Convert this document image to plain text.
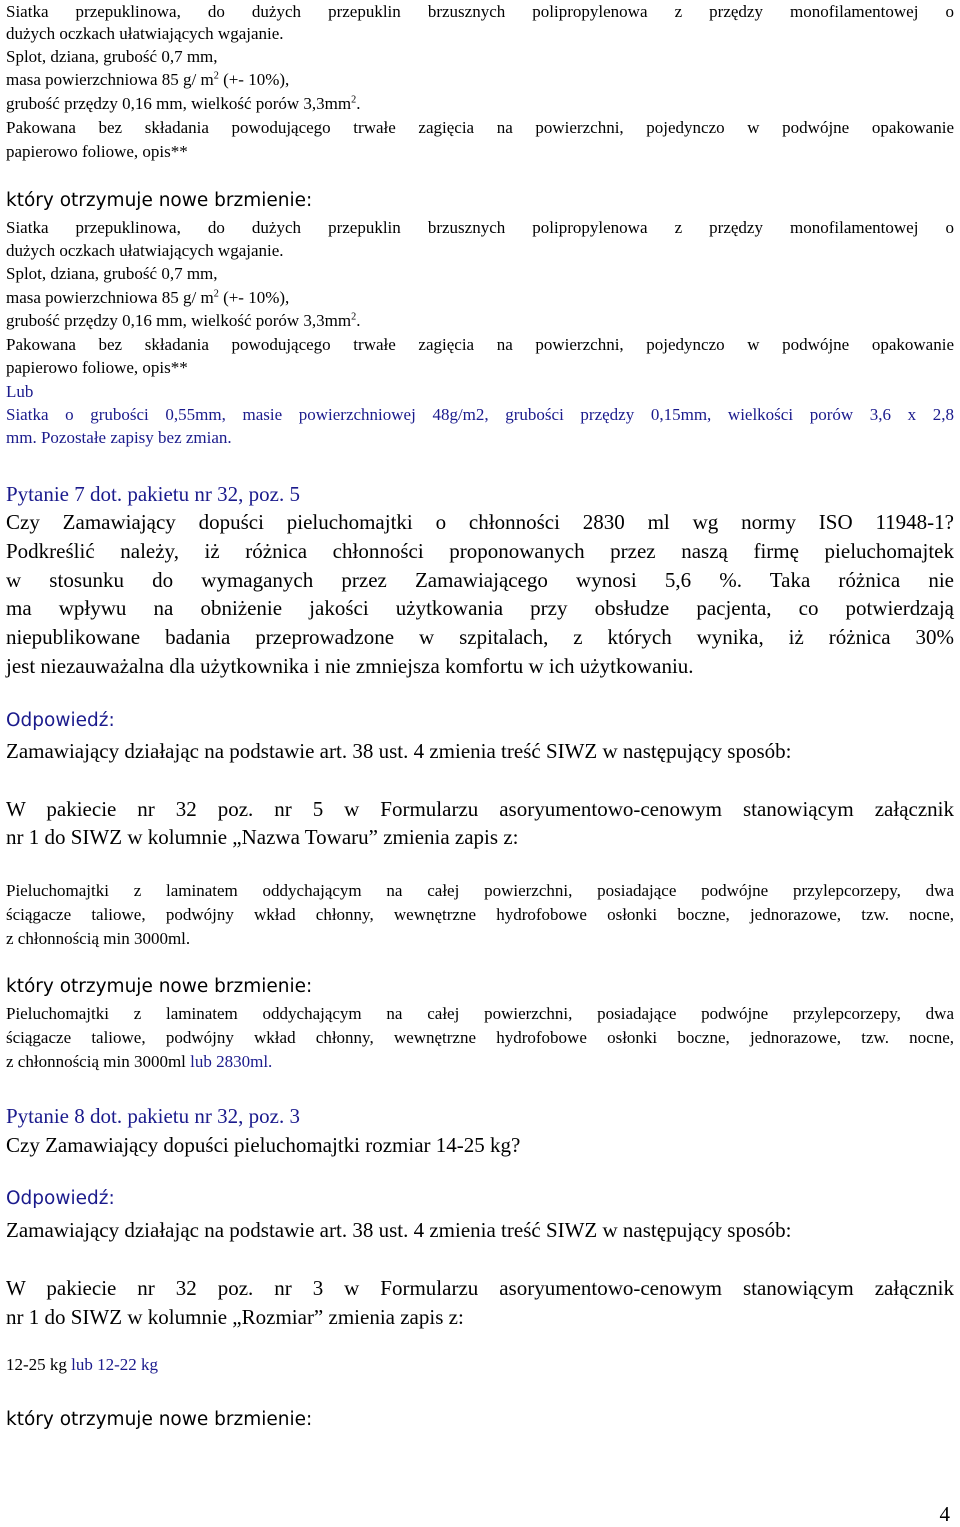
Siatka przepuklinowa, do dużych przepuklin brzusznych polipropylenowa z przędzy monofilamentowej o

dużych oczkach ułatwiających wgajanie.

Splot, dziana, grubość 0,7 mm,

masa powierzchniowa 85 g/ $m^2$ (+- 10%),

grubość przędzy 0,16 mm, wielkość porów $3,3mm^2$.

Pakowana bez składania powodującego trwałe zagięcia na powierzchni, pojedynczo w podwójne opakowanie

papierowo foliowe, opis**

który otrzymuje nowe brzmienie:

Siatka przepuklinowa, do dużych przepuklin brzusznych polipropylenowa z przędzy monofilamentowej o

dużych oczkach ułatwiających wgajanie.

Splot, dziana, grubość 0,7 mm,

masa powierzchniowa 85 g/ $m^2$ (+- 10%),

grubość przędzy 0,16 mm, wielkość porów $3,3mm^2$.

Pakowana bez składania powodującego trwałe zagięcia na powierzchni, pojedynczo w podwójne opakowanie

papierowo foliowe, opis**

Lub

Siatka o grubości 0,55mm, masie powierzchniowej 48g/m2, grubości przędzy 0,15mm, wielkości porów 3,6 x 2,8

mm. Pozostałe zapisy bez zmian.

Pytanie 7 dot. pakietu nr 32, poz. 5

Czy Zamawiający dopuści pieluchomajtki o chłonności 2830 ml wg normy ISO 11948-1?

Podkreślić należy, iż różnica chłonności proponowanych przez naszą firmę pieluchomajtek

w stosunku do wymaganych przez Zamawiającego wynosi 5,6 %. Taka różnica nie

ma wpływu na obniżenie jakości użytkowania przy obsłudze pacjenta, co potwierdzają

niepublikowane badania przeprowadzone w szpitalach, z których wynika, iż różnica 30%

jest niezauważalna dla użytkownika i nie zmniejsza komfortu w ich użytkowaniu.

Odpowiedź:

Zamawiający działając na podstawie art. 38 ust. 4 zmienia treść SIWZ w następujący sposób:

W pakiecie nr 32 poz. nr 5 w Formularzu asoryumentowo-cenowym stanowiącym załącznik

nr 1 do SIWZ w kolumnie „Nazwa Towaru” zmienia zapis z:

Pieluchomajtki z laminatem oddychającym na całej powierzchni, posiadające podwójne przylepcorzepy, dwa

ściągacze taliowe, podwójny wkład chłonny, wewnętrzne hydrofobowe osłonki boczne, jednorazowe, tzw. nocne,

z chłonnością min 3000ml.

który otrzymuje nowe brzmienie:

Pieluchomajtki z laminatem oddychającym na całej powierzchni, posiadające podwójne przylepcorzepy, dwa

ściągacze taliowe, podwójny wkład chłonny, wewnętrzne hydrofobowe osłonki boczne, jednorazowe, tzw. nocne,

z chłonnością min 3000ml lub 2830ml.

Pytanie 8 dot. pakietu nr 32, poz. 3

Czy Zamawiający dopuści pieluchomajtki rozmiar 14-25 kg?

Odpowiedź:

Zamawiający działając na podstawie art. 38 ust. 4 zmienia treść SIWZ w następujący sposób:

W pakiecie nr 32 poz. nr 3 w Formularzu asoryumentowo-cenowym stanowiącym załącznik

nr 1 do SIWZ w kolumnie „Rozmiar” zmienia zapis z:

12-25 kg lub 12-22 kg

który otrzymuje nowe brzmienie:

4
